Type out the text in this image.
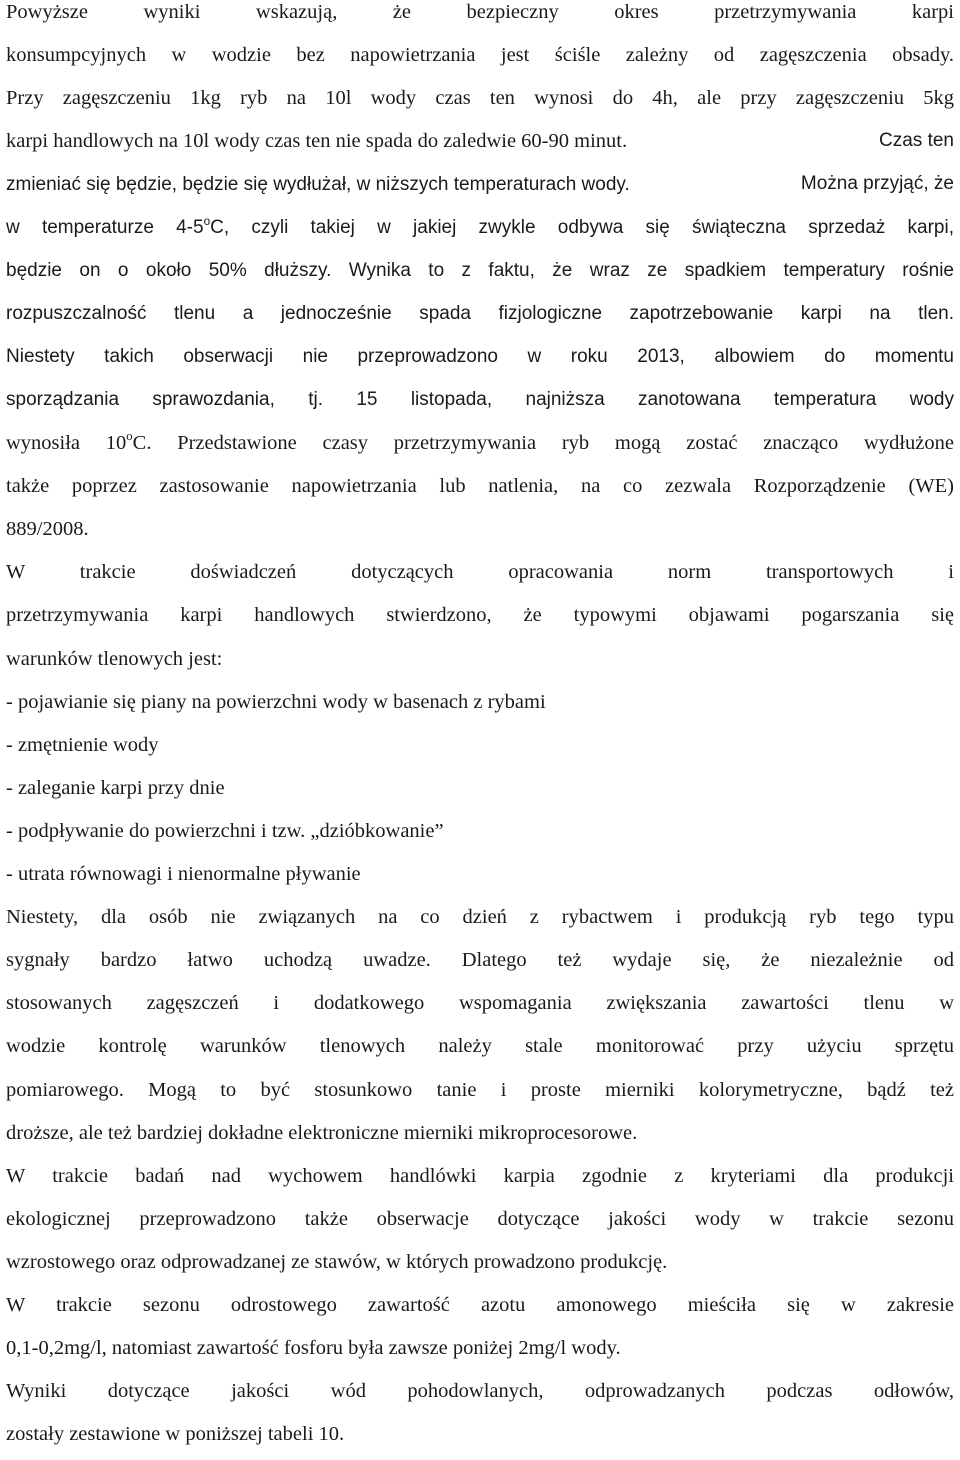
Powyższe wyniki wskazują, że bezpieczny okres przetrzymywania karpi
konsumpcyjnych w wodzie bez napowietrzania jest ściśle zależny od zagęszczenia obsady.
Przy zagęszczeniu 1kg ryb na 10l wody czas ten wynosi do 4h, ale przy zagęszczeniu 5kg
karpi handlowych na 10l wody czas ten nie spada do zaledwie 60-90 minut.	Czas ten
zmieniać się będzie, będzie się wydłużał, w niższych temperaturach wody.	Można przyjąć, że
w temperaturze 4-5$^o$C, czyli takiej w jakiej zwykle odbywa się świąteczna sprzedaż karpi,
będzie on o około 50% dłuższy. Wynika to z faktu, że wraz ze spadkiem temperatury rośnie
rozpuszczalność tlenu a jednocześnie spada fizjologiczne zapotrzebowanie karpi na tlen.
Niestety takich obserwacji nie przeprowadzono w roku 2013, albowiem do momentu
sporządzania sprawozdania, tj. 15 listopada, najniższa zanotowana temperatura wody
wynosiła 10$^o$C. Przedstawione czasy przetrzymywania ryb mogą zostać znacząco wydłużone
także poprzez zastosowanie napowietrzania lub natlenia, na co zezwala Rozporządzenie (WE)
889/2008.
W trakcie doświadczeń dotyczących opracowania norm transportowych i
przetrzymywania karpi handlowych stwierdzono, że typowymi objawami pogarszania się
warunków tlenowych jest:
- pojawianie się piany na powierzchni wody w basenach z rybami
- zmętnienie wody
- zaleganie karpi przy dnie
- podpływanie do powierzchni i tzw. „dzióbkowanie”
- utrata równowagi i nienormalne pływanie
Niestety, dla osób nie związanych na co dzień z rybactwem i produkcją ryb tego typu
sygnały bardzo łatwo uchodzą uwadze. Dlatego też wydaje się, że niezależnie od
stosowanych zagęszczeń i dodatkowego wspomagania zwiększania zawartości tlenu w
wodzie kontrolę warunków tlenowych należy stale monitorować przy użyciu sprzętu
pomiarowego. Mogą to być stosunkowo tanie i proste mierniki kolorymetryczne, bądź też
droższe, ale też bardziej dokładne elektroniczne mierniki mikroprocesorowe.
W trakcie badań nad wychowem handlówki karpia zgodnie z kryteriami dla produkcji
ekologicznej przeprowadzono także obserwacje dotyczące jakości wody w trakcie sezonu
wzrostowego oraz odprowadzanej ze stawów, w których prowadzono produkcję.
W trakcie sezonu odrostowego zawartość azotu amonowego mieściła się w zakresie
0,1-0,2mg/l, natomiast zawartość fosforu była zawsze poniżej 2mg/l wody.
Wyniki dotyczące jakości wód pohodowlanych, odprowadzanych podczas odłowów,
zostały zestawione w poniższej tabeli 10.
